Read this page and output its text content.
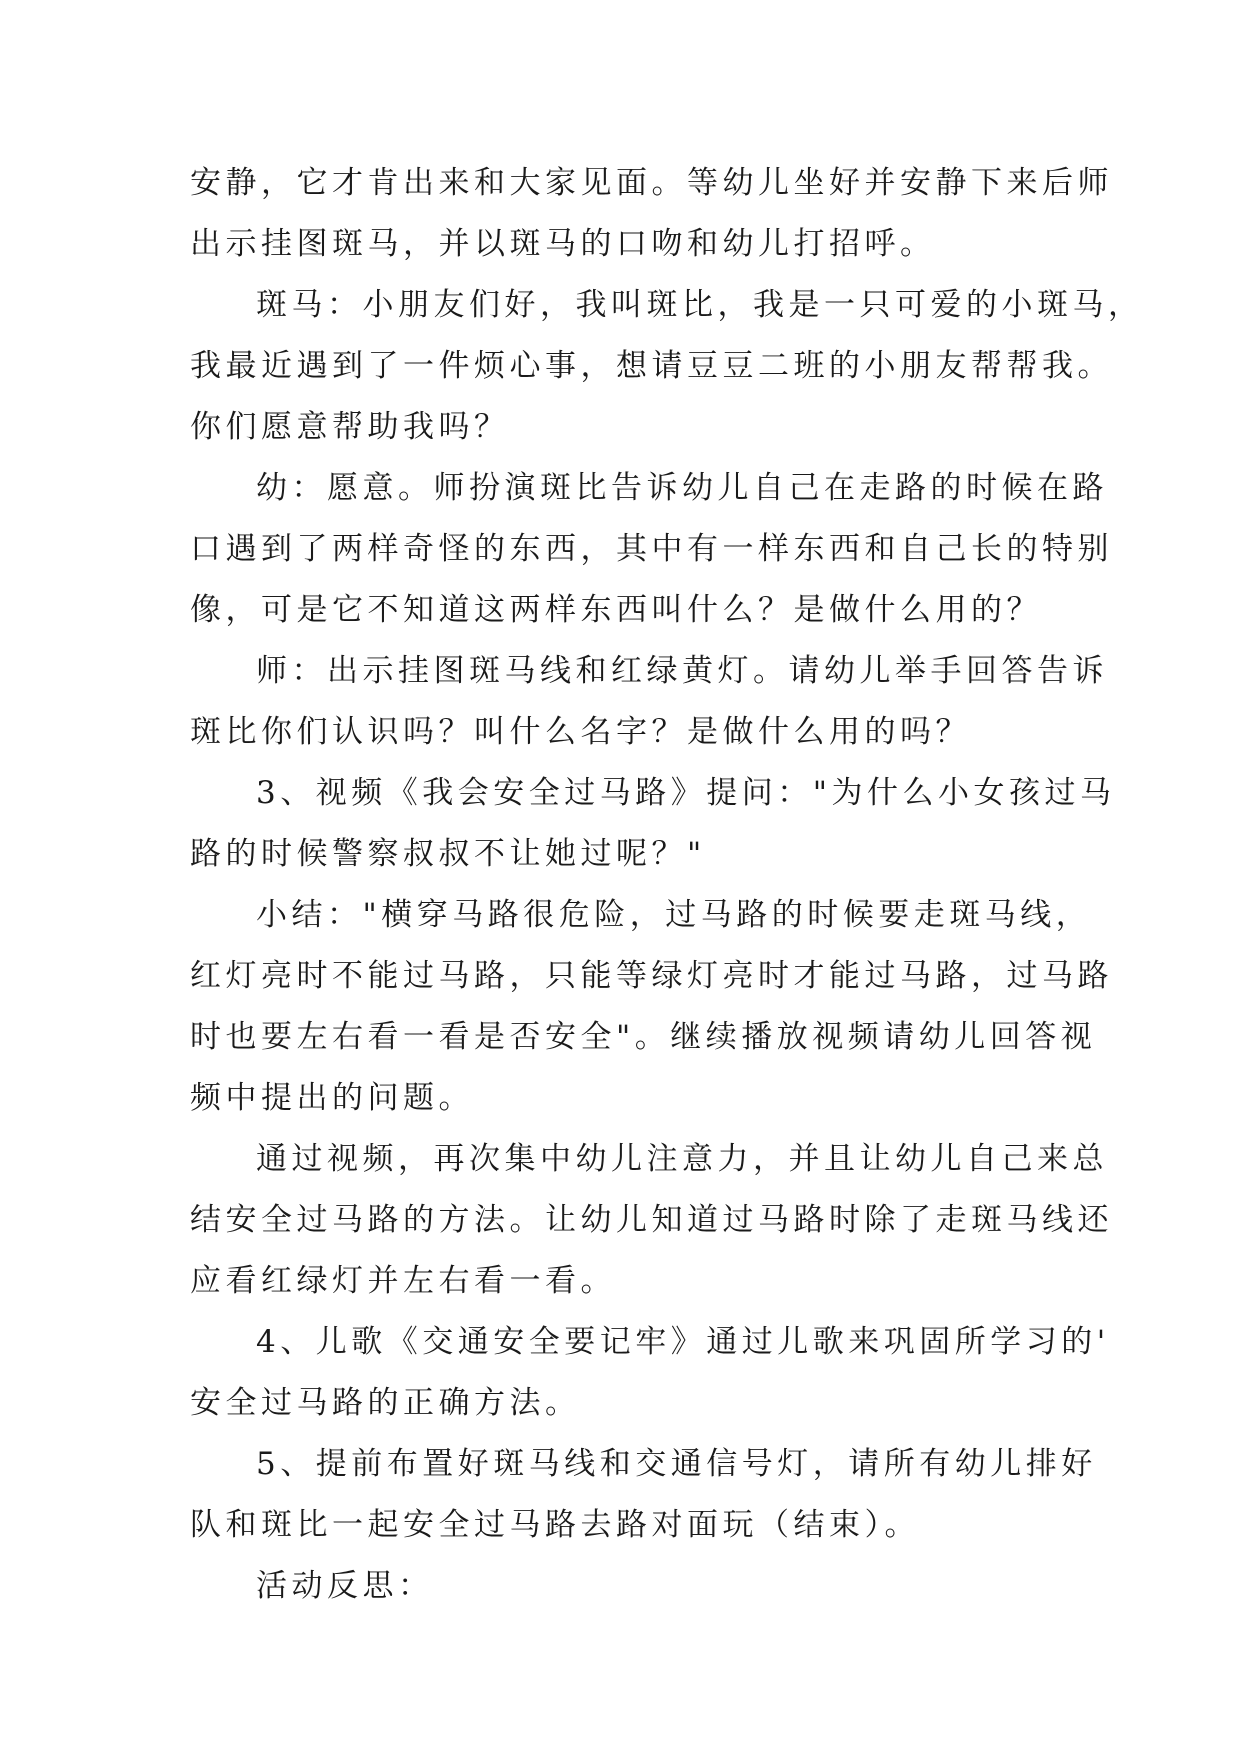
安静，它才肯出来和大家见面。等幼儿坐好并安静下来后师
出示挂图斑马，并以斑马的口吻和幼儿打招呼。
斑马：小朋友们好，我叫斑比，我是一只可爱的小斑马，
我最近遇到了一件烦心事，想请豆豆二班的小朋友帮帮我。
你们愿意帮助我吗？
幼：愿意。师扮演斑比告诉幼儿自己在走路的时候在路
口遇到了两样奇怪的东西，其中有一样东西和自己长的特别
像，可是它不知道这两样东西叫什么？是做什么用的？
师：出示挂图斑马线和红绿黄灯。请幼儿举手回答告诉
斑比你们认识吗？叫什么名字？是做什么用的吗？
3、视频《我会安全过马路》提问："为什么小女孩过马
路的时候警察叔叔不让她过呢？"
小结："横穿马路很危险，过马路的时候要走斑马线，
红灯亮时不能过马路，只能等绿灯亮时才能过马路，过马路
时也要左右看一看是否安全"。继续播放视频请幼儿回答视
频中提出的问题。
通过视频，再次集中幼儿注意力，并且让幼儿自己来总
结安全过马路的方法。让幼儿知道过马路时除了走斑马线还
应看红绿灯并左右看一看。
4、儿歌《交通安全要记牢》通过儿歌来巩固所学习的'
安全过马路的正确方法。
5、提前布置好斑马线和交通信号灯，请所有幼儿排好
队和斑比一起安全过马路去路对面玩（结束）。
活动反思：
